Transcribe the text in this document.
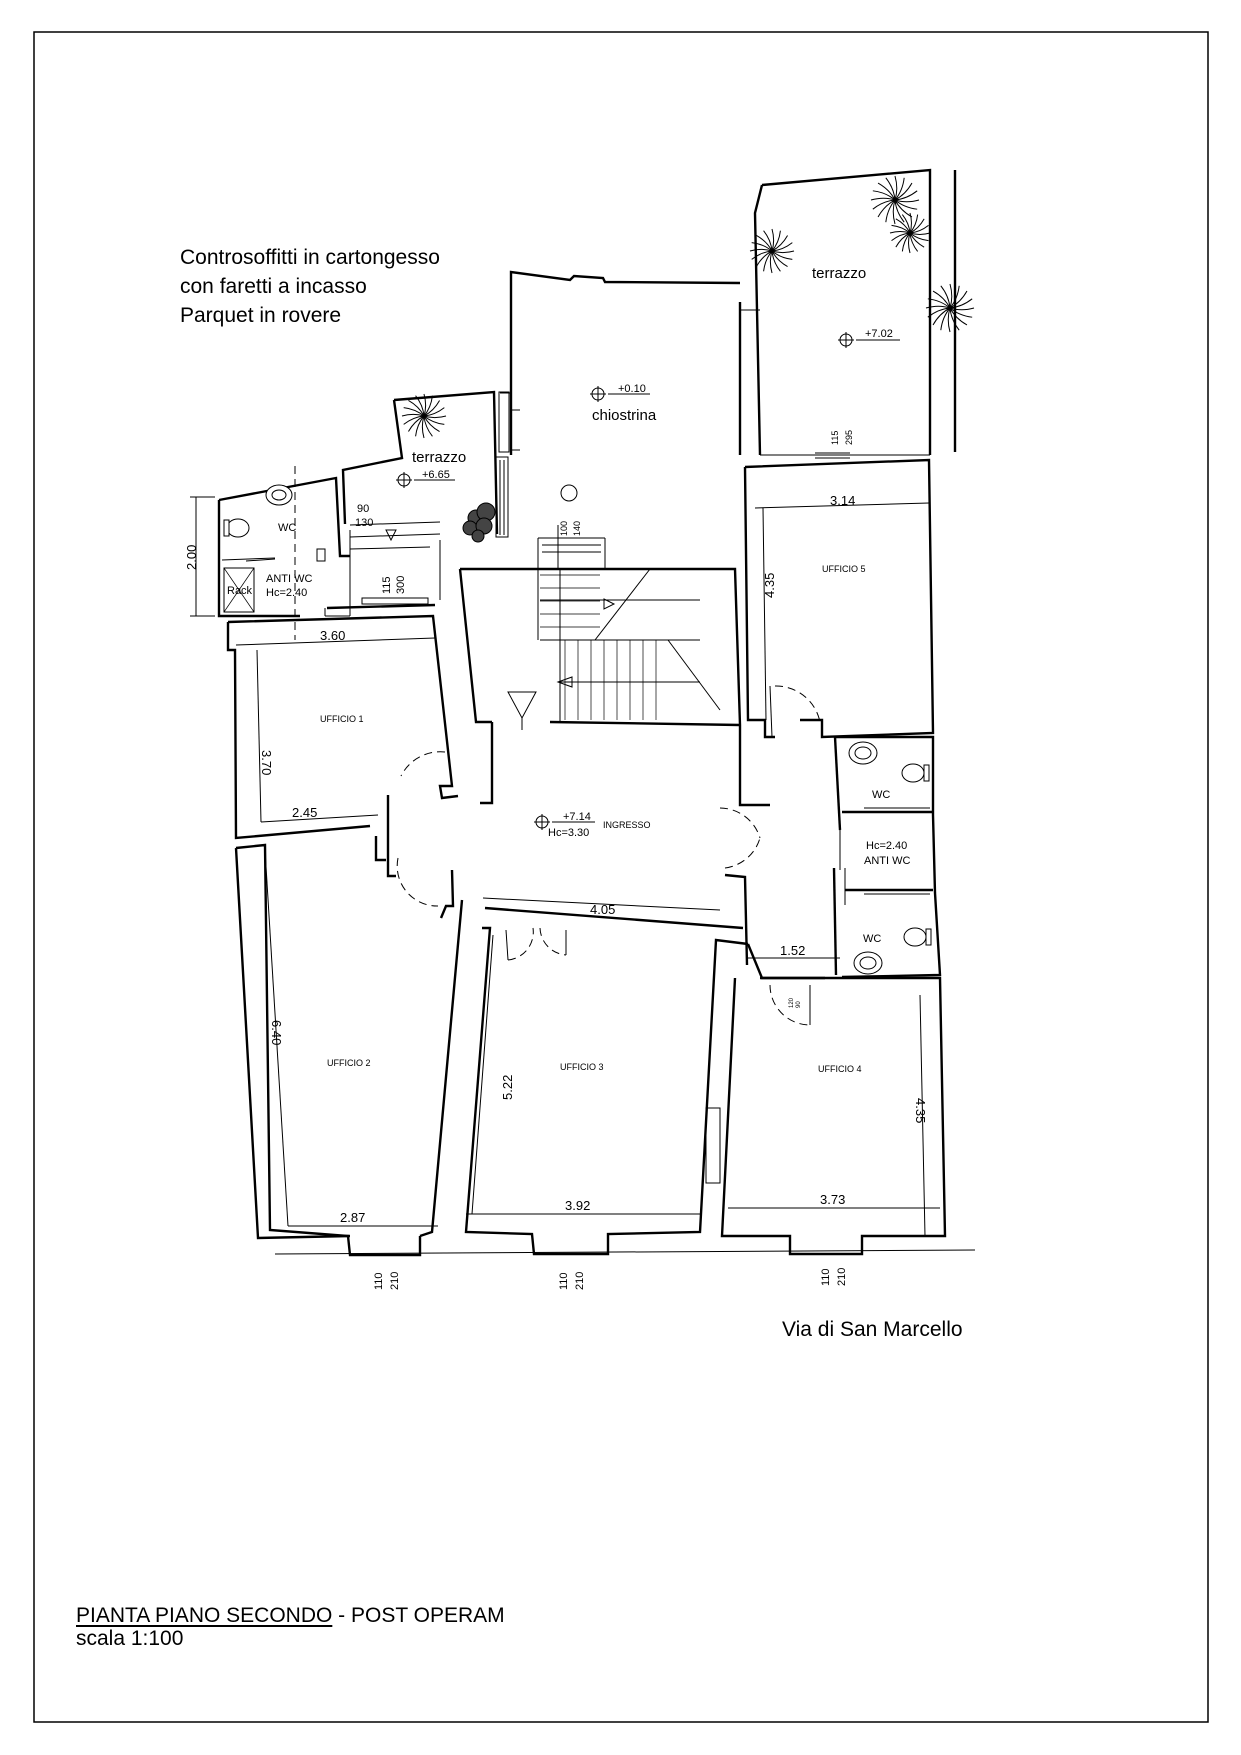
terrazzo
+7.02
chiostrina
+0.10
terrazzo
+6.65
WC
ANTI WC
Hc=2.40
Rack
UFFICIO 1
UFFICIO 2	UFFICIO 3	UFFICIO 4
UFFICIO 5
INGRESSO
+7.14
Hc=3.30
WC
Hc=2.40
ANTI WC
WC
2.00
3.60
3.70
2.45
6.40
2.87
5.22
3.92
4.05
1.52
3.73
4.35
3.14
4.35
90
130
115 300
115 295
100 140
110 210	110 210	110 210
120 90
Controsoffitti in cartongesso
con faretti a incasso
Parquet in rovere
Via di San Marcello
PIANTA PIANO SECONDO - POST OPERAM
scala 1:100
